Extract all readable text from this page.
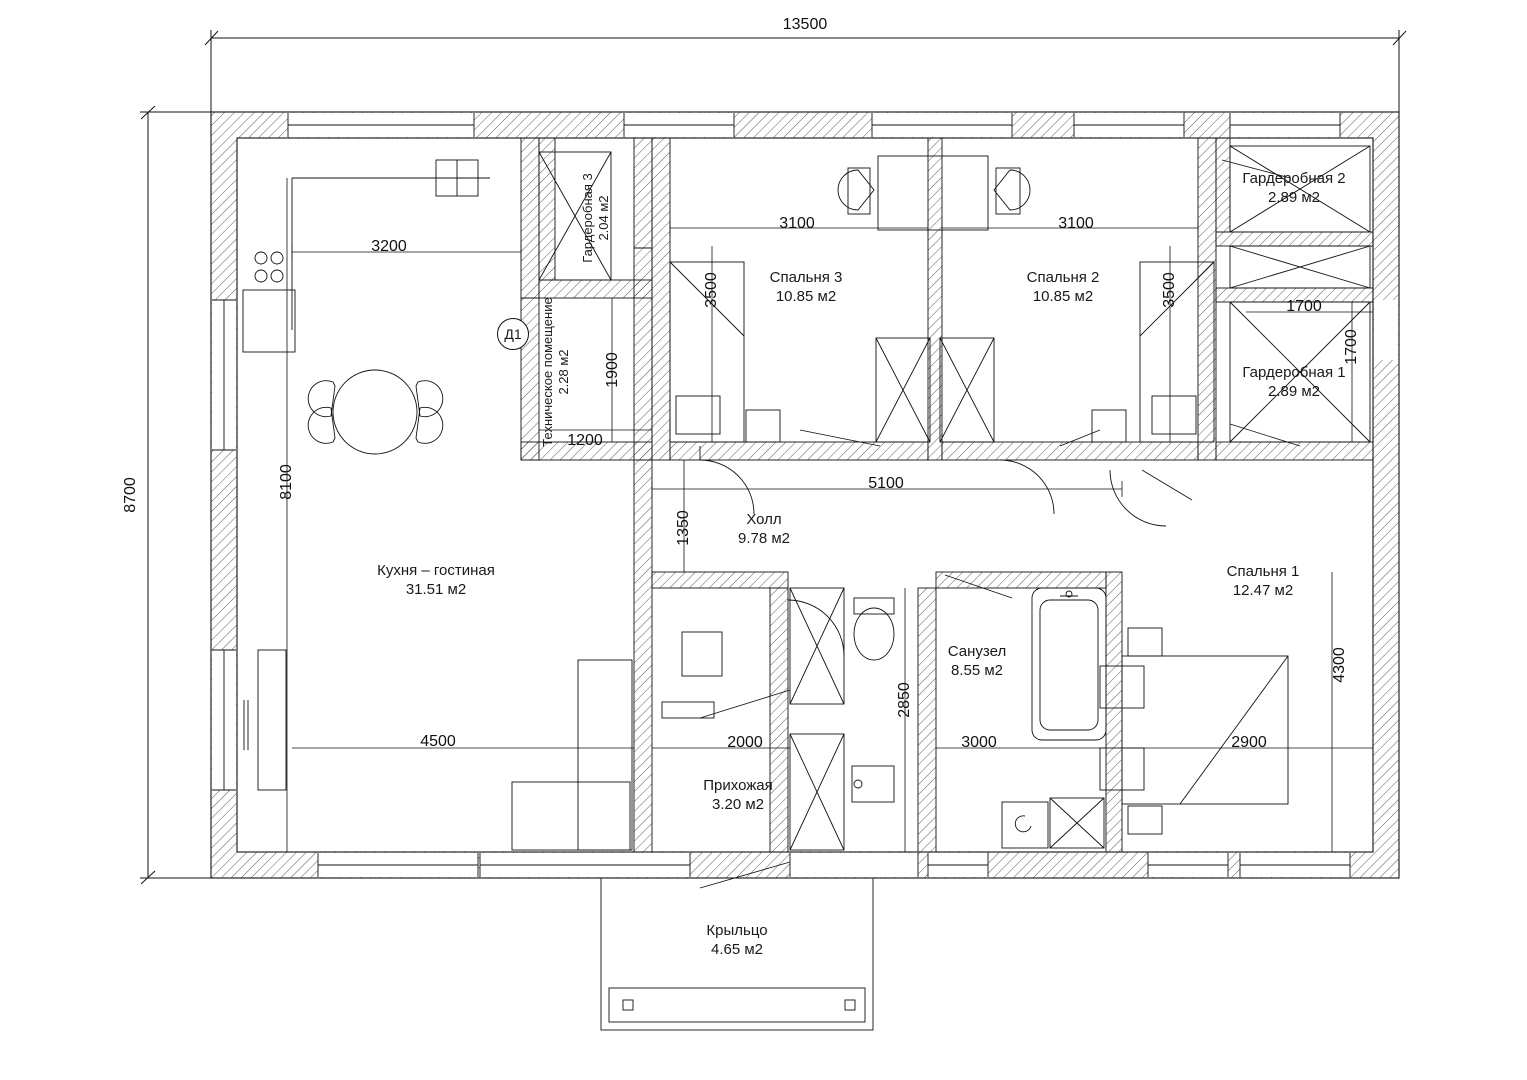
13500
8700
3200
8100
4500
1200
1900
3100
3500
3100
3500
5100
1350
1700
1700
2850
3000
2000
4300
2900
Кухня – гостиная
31.51 м2
Спальня 3
10.85 м2
Спальня 2
10.85 м2
Гардеробная 2
2.89 м2
Гардеробная 1
2.89 м2
Холл
9.78 м2
Спальня 1
12.47 м2
Санузел
8.55 м2
Прихожая
3.20 м2
Крыльцо
4.65 м2
Гардеробная 3 2.04 м2
Техническое помещение 2.28 м2
Д1
